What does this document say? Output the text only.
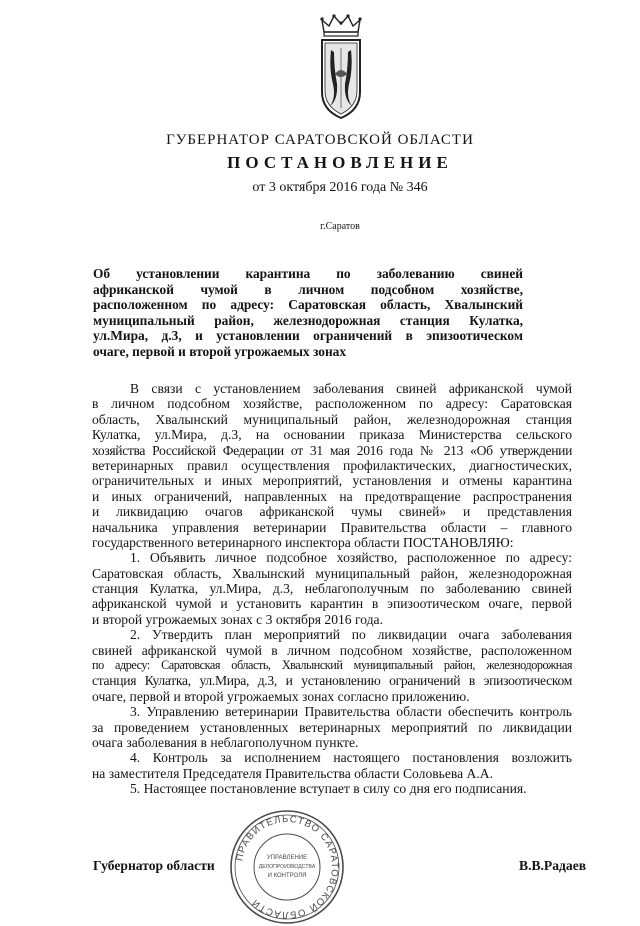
ГУБЕРНАТОР САРАТОВСКОЙ ОБЛАСТИ
ПОСТАНОВЛЕНИЕ
от 3 октября 2016 года № 346
г.Саратов
Об установлении карантина по заболеванию свиней
африканской чумой в личном подсобном хозяйстве,
расположенном по адресу: Саратовская область, Хвалынский
муниципальный район, железнодорожная станция Кулатка,
ул.Мира, д.3, и установлении ограничений в эпизоотическом
очаге, первой и второй угрожаемых зонах
В связи с установлением заболевания свиней африканской чумой
в личном подсобном хозяйстве, расположенном по адресу: Саратовская
область, Хвалынский муниципальный район, железнодорожная станция
Кулатка, ул.Мира, д.3, на основании приказа Министерства сельского
хозяйства Российской Федерации от 31 мая 2016 года № 213 «Об утверждении
ветеринарных правил осуществления профилактических, диагностических,
ограничительных и иных мероприятий, установления и отмены карантина
и иных ограничений, направленных на предотвращение распространения
и ликвидацию очагов африканской чумы свиней» и представления
начальника управления ветеринарии Правительства области – главного
государственного ветеринарного инспектора области ПОСТАНОВЛЯЮ:
1. Объявить личное подсобное хозяйство, расположенное по адресу:
Саратовская область, Хвалынский муниципальный район, железнодорожная
станция Кулатка, ул.Мира, д.3, неблагополучным по заболеванию свиней
африканской чумой и установить карантин в эпизоотическом очаге, первой
и второй угрожаемых зонах с 3 октября 2016 года.
2. Утвердить план мероприятий по ликвидации очага заболевания
свиней африканской чумой в личном подсобном хозяйстве, расположенном
по адресу: Саратовская область, Хвалынский муниципальный район, железнодорожная
станция Кулатка, ул.Мира, д.3, и установлению ограничений в эпизоотическом
очаге, первой и второй угрожаемых зонах согласно приложению.
3. Управлению ветеринарии Правительства области обеспечить контроль
за проведением установленных ветеринарных мероприятий по ликвидации
очага заболевания в неблагополучном пункте.
4. Контроль за исполнением настоящего постановления возложить
на заместителя Председателя Правительства области Соловьева А.А.
5. Настоящее постановление вступает в силу со дня его подписания.
ПРАВИТЕЛЬСТВО САРАТОВСКОЙ ОБЛАСТИ
УПРАВЛЕНИЕ
ДЕЛОПРОИЗВОДСТВА
И КОНТРОЛЯ
Губернатор области	В.В.Радаев
